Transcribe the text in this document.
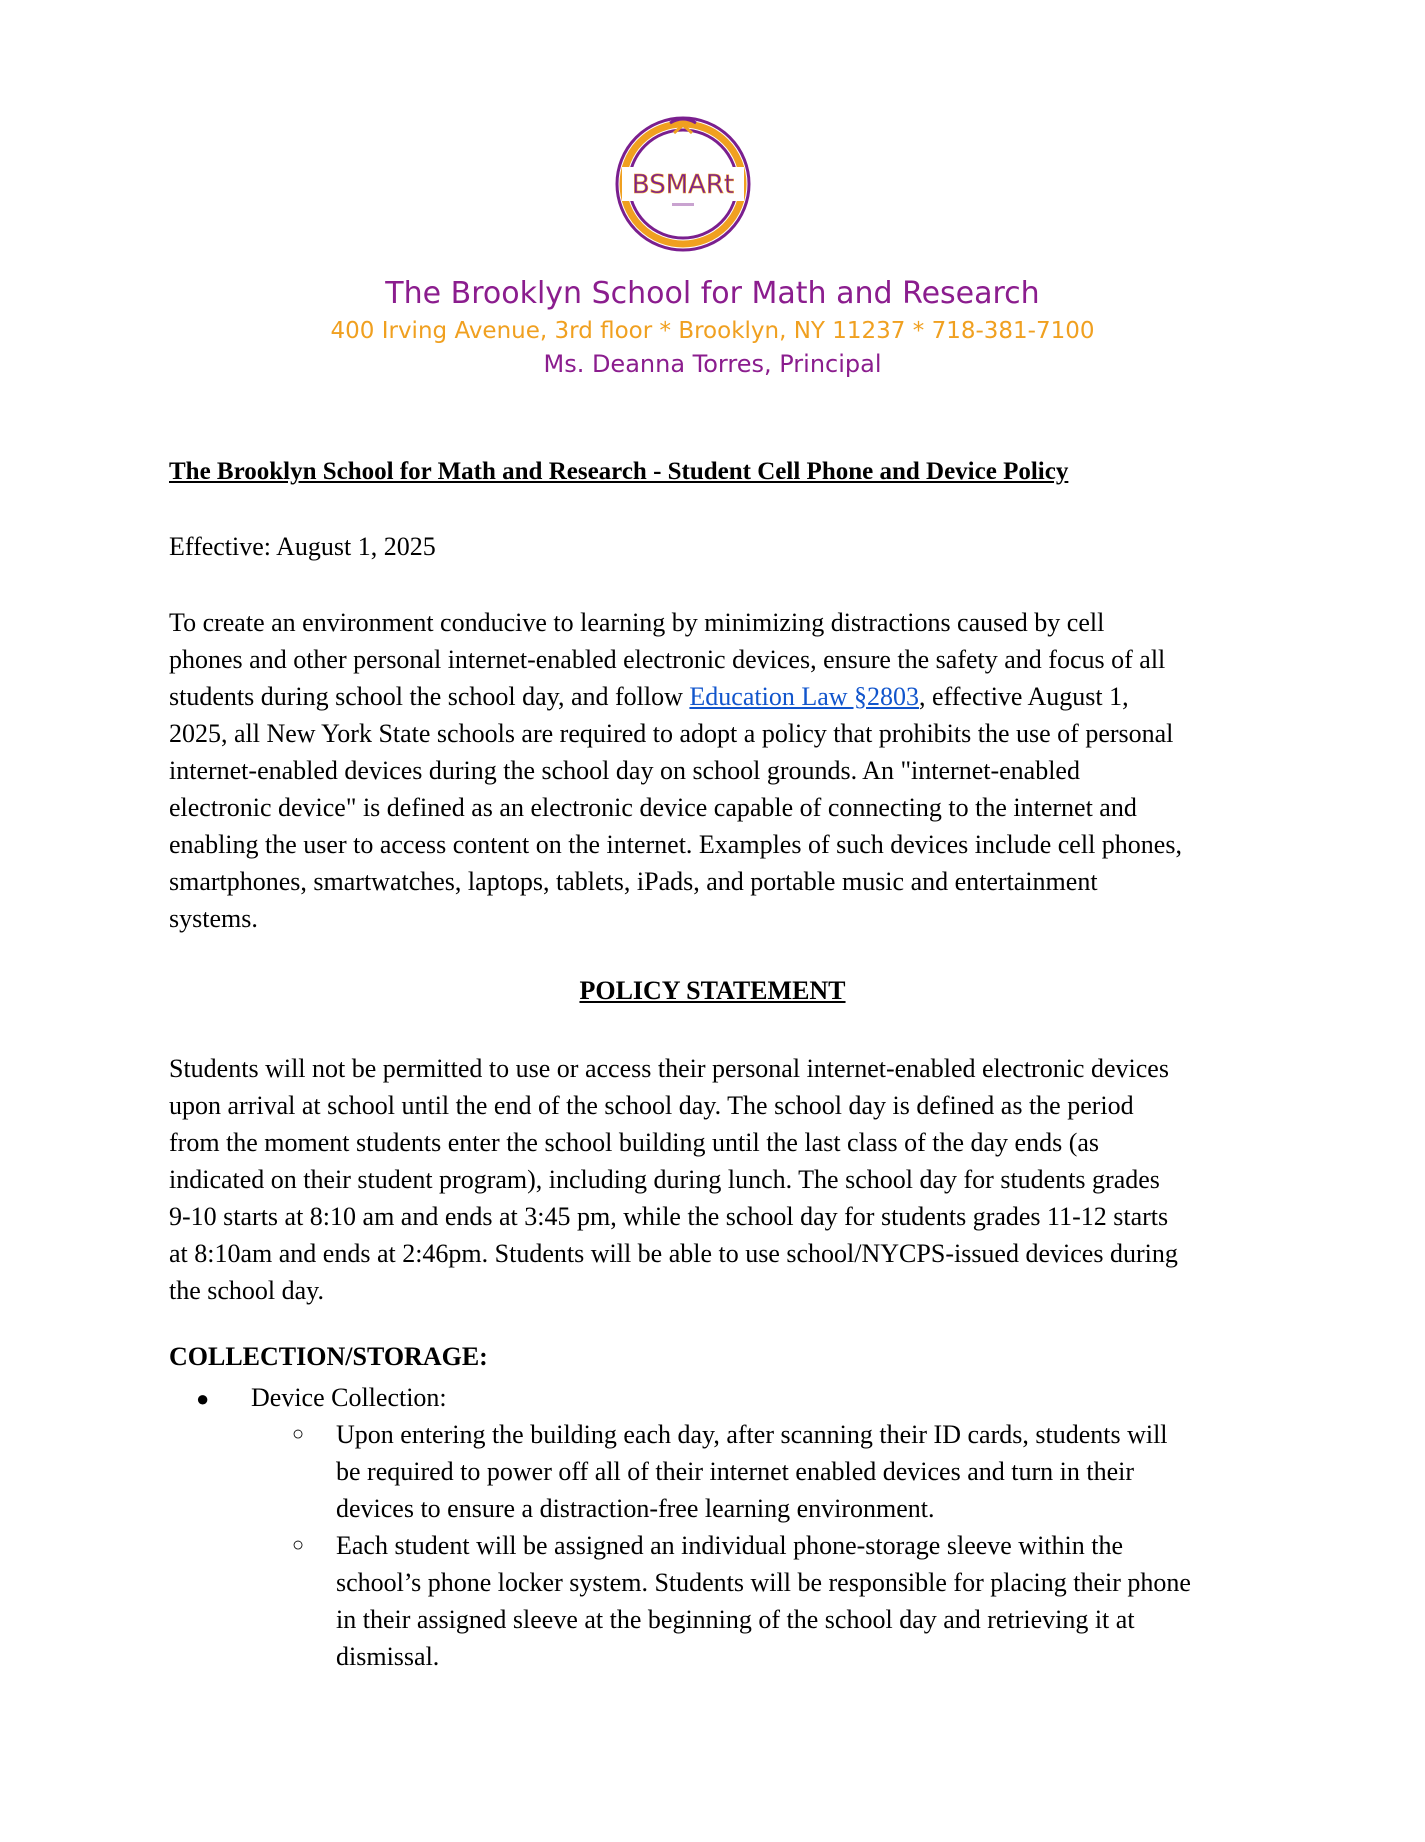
BSMARt
The Brooklyn School for Math and Research
400 Irving Avenue, 3rd floor * Brooklyn, NY 11237 * 718-381-7100
Ms. Deanna Torres, Principal
The Brooklyn School for Math and Research - Student Cell Phone and Device Policy
Effective: August 1, 2025
To create an environment conducive to learning by minimizing distractions caused by cell
phones and other personal internet-enabled electronic devices, ensure the safety and focus of all
students during school the school day, and follow Education Law §2803, effective August 1,
2025, all New York State schools are required to adopt a policy that prohibits the use of personal
internet-enabled devices during the school day on school grounds. An "internet-enabled
electronic device" is defined as an electronic device capable of connecting to the internet and
enabling the user to access content on the internet. Examples of such devices include cell phones,
smartphones, smartwatches, laptops, tablets, iPads, and portable music and entertainment
systems.
POLICY STATEMENT
Students will not be permitted to use or access their personal internet-enabled electronic devices
upon arrival at school until the end of the school day. The school day is defined as the period
from the moment students enter the school building until the last class of the day ends (as
indicated on their student program), including during lunch. The school day for students grades
9-10 starts at 8:10 am and ends at 3:45 pm, while the school day for students grades 11-12 starts
at 8:10am and ends at 2:46pm. Students will be able to use school/NYCPS-issued devices during
the school day.
COLLECTION/STORAGE:
● Device Collection:
○ Upon entering the building each day, after scanning their ID cards, students will
be required to power off all of their internet enabled devices and turn in their
devices to ensure a distraction-free learning environment.
○ Each student will be assigned an individual phone-storage sleeve within the
school’s phone locker system. Students will be responsible for placing their phone
in their assigned sleeve at the beginning of the school day and retrieving it at
dismissal.
